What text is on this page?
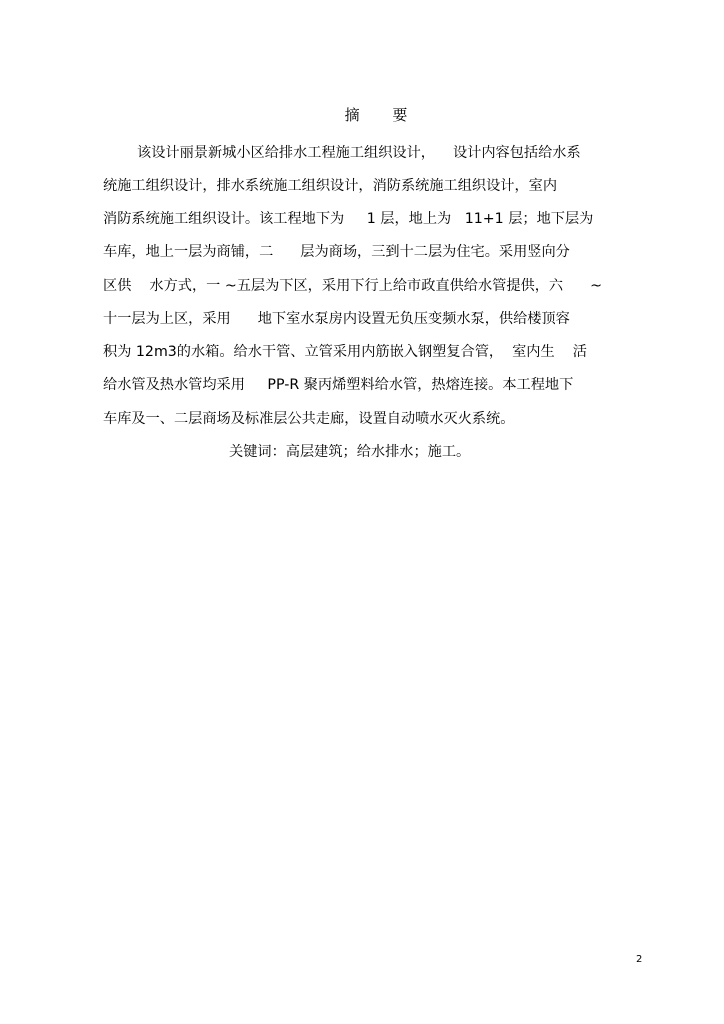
摘 要
该设计丽景新城小区给排水工程施工组织设计，    设计内容包括给水系
统施工组织设计，排水系统施工组织设计，消防系统施工组织设计，室内
消防系统施工组织设计。该工程地下为     1 层，地上为   11+1 层；地下层为
车库，地上一层为商铺，二      层为商场，三到十二层为住宅。采用竖向分
区供    水方式，一 ~五层为下区，采用下行上给市政直供给水管提供，六      ~
十一层为上区，采用      地下室水泵房内设置无负压变频水泵，供给楼顶容
积为 12m3的水箱。给水干管、立管采用内筋嵌入钢塑复合管，  室内生    活
给水管及热水管均采用     PP-R 聚丙烯塑料给水管，热熔连接。本工程地下
车库及一、二层商场及标准层公共走廊，设置自动喷水灭火系统。
关键词：高层建筑；给水排水；施工。
2
